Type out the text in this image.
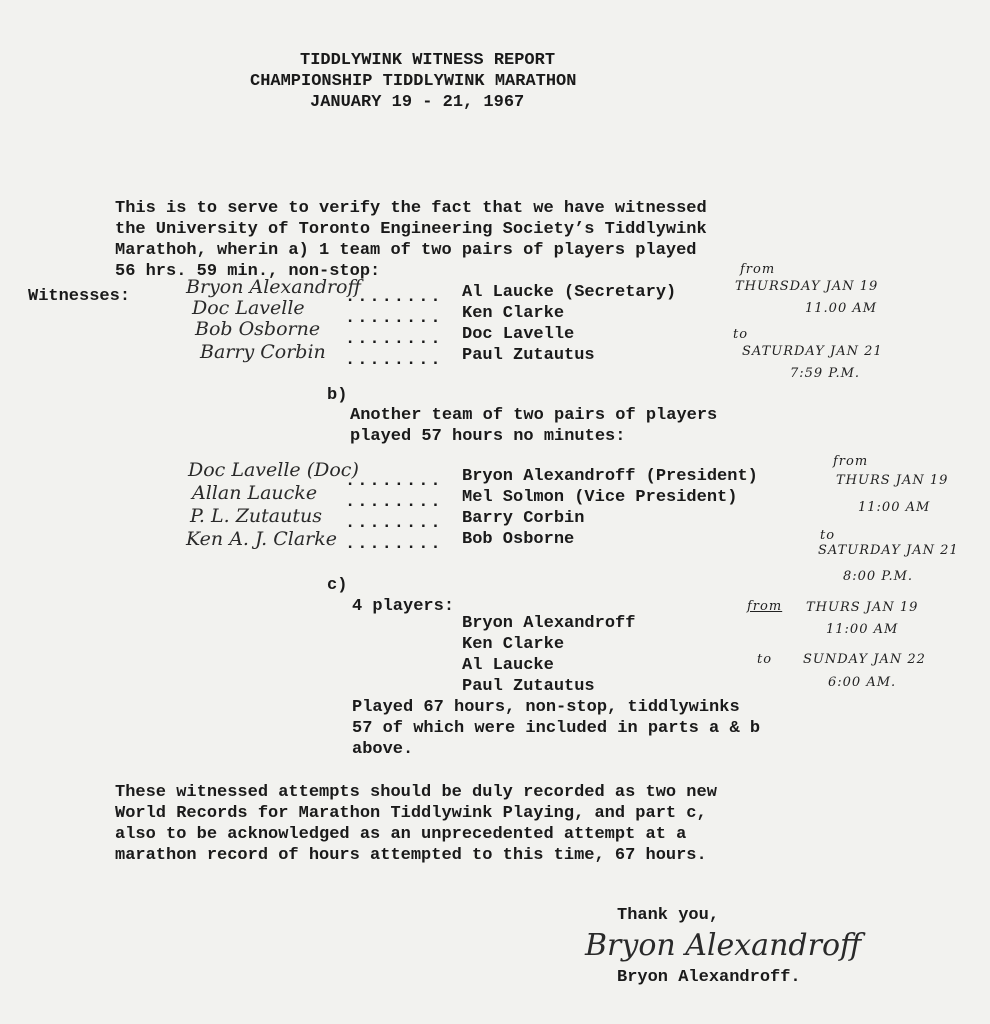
TIDDLYWINK WITNESS REPORT
CHAMPIONSHIP TIDDLYWINK MARATHON
JANUARY 19 - 21, 1967
This is to serve to verify the fact that we have witnessed
the University of Toronto Engineering Society’s Tiddlywink
Marathoh, wherin a) 1 team of two pairs of players played
56 hrs. 59 min., non-stop:
Witnesses:	Bryon Alexandroff
Doc Lavelle
Bob Osborne
Barry Corbin
........
........
........
........
Al Laucke (Secretary)
Ken Clarke
Doc Lavelle
Paul Zutautus
from
THURSDAY JAN 19
11.00 AM
to
SATURDAY JAN 21
7:59 P.M.
b)
Another team of two pairs of players
played 57 hours no minutes:
Doc Lavelle (Doc)
Allan Laucke
P. L. Zutautus
Ken A. J. Clarke
........
........
........
........
Bryon Alexandroff (President)
Mel Solmon (Vice President)
Barry Corbin
Bob Osborne
from
THURS JAN 19
11:00 AM
to
SATURDAY JAN 21
8:00 P.M.
c)
4 players:
Bryon Alexandroff
Ken Clarke
Al Laucke
Paul Zutautus
from THURS JAN 19
11:00 AM
to SUNDAY JAN 22
6:00 AM.
Played 67 hours, non-stop, tiddlywinks
57 of which were included in parts a & b
above.
These witnessed attempts should be duly recorded as two new
World Records for Marathon Tiddlywink Playing, and part c,
also to be acknowledged as an unprecedented attempt at a
marathon record of hours attempted to this time, 67 hours.
Thank you,
Bryon Alexandroff
Bryon Alexandroff.
